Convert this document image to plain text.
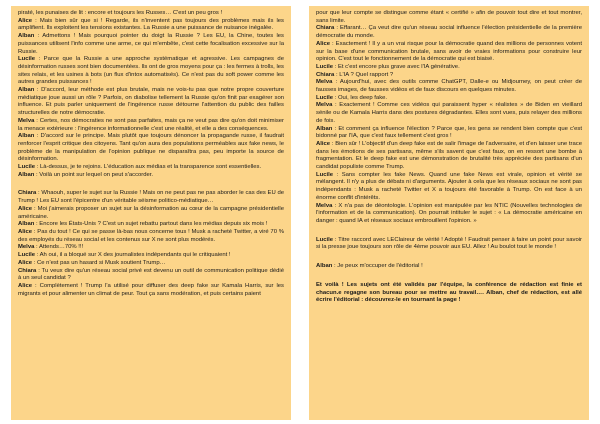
piraté, les punaises de lit : encore et toujours les Russes… C'est un peu gros !

Alice : Mais bien sûr que si ! Regarde, ils n'inventent pas toujours des problèmes mais ils les amplifient. Ils exploitent les tensions existantes. La Russie a une puissance de nuisance inégalée.

Alban : Admettons ! Mais pourquoi pointer du doigt la Russie ? Les EU, la Chine, toutes les puissances utilisent l'info comme une arme, ce qui m'embête, c'est cette focalisation excessive sur la Russie.

Lucile : Parce que la Russie a une approche systématique et agressive. Les campagnes de désinformation russes sont bien documentées. Ils ont de gros moyens pour ça : les fermes à trolls, les sites relais, et les usines à bots (un flux d'intox automatisés). Ce n'est pas du soft power comme les autres grandes puissances !

Alban : D'accord, leur méthode est plus brutale, mais ne vois-tu pas que notre propre couverture médiatique joue aussi un rôle ? Parfois, on diabolise tellement la Russie qu'on finit par exagérer son influence. Et puis parler uniquement de l'ingérence russe détourne l'attention du public des failles structurelles de notre démocratie.

Melva : Certes, nos démocraties ne sont pas parfaites, mais ça ne veut pas dire qu'on doit minimiser la menace extérieure : l'ingérence informationnelle c'est une réalité, et elle a des conséquences.

Alban : D'accord sur le principe. Mais plutôt que toujours dénoncer la propagande russe, il faudrait renforcer l'esprit critique des citoyens. Tant qu'on aura des populations perméables aux fake news, le problème de la manipulation de l'opinion publique ne disparaîtra pas, peu importe la source de désinformation.

Lucile : Là-dessus, je te rejoins. L'éducation aux médias et la transparence sont essentielles.

Alban : Voilà un point sur lequel on peut s'accorder.

Chiara : Whaouh, super le sujet sur la Russie ! Mais on ne peut pas ne pas aborder le cas des EU de Trump ! Les EU sont l'épicentre d'un véritable séisme politico-médiatique…

Alice : Moi j'aimerais proposer un sujet sur la désinformation au cœur de la campagne présidentielle américaine.

Alban : Encore les États-Unis ? C'est un sujet rebattu partout dans les médias depuis six mois !

Alice : Pas du tout ! Ce qui se passe là-bas nous concerne tous ! Musk a racheté Twitter, a viré 70 % des employés du réseau social et les contenus sur X ne sont plus modérés.

Melva : Attends…70% !!!

Lucile : Ah oui, il a bloqué sur X des journalistes indépendants qui le critiquaient !

Alice : Ce n'est pas un hasard si Musk soutient Trump…

Chiara : Tu veux dire qu'un réseau social privé est devenu un outil de communication politique dédié à un seul candidat ?

Alice : Complètement ! Trump l'a utilisé pour diffuser des deep fake sur Kamala Harris, sur les migrants et pour alimenter un climat de peur. Tout ça sans modération, et puis certains paient

pour que leur compte se distingue comme étant « certifié » afin de pouvoir tout dire et tout montrer, sans limite.

Chiara : Effarant… Ça veut dire qu'un réseau social influence l'élection présidentielle de la première démocratie du monde.

Alice : Exactement ! Il y a un vrai risque pour la démocratie quand des millions de personnes votent sur la base d'une communication brutale, sans avoir de vraies informations pour construire leur opinion. C'est tout le fonctionnement de la démocratie qui est biaisé.

Lucile : Et c'est encore plus grave avec l'IA générative.

Chiara : L'IA ? Quel rapport ?

Melva : Aujourd'hui, avec des outils comme ChatGPT, Dalle-e ou Midjourney, on peut créer de fausses images, de fausses vidéos et de faux discours en quelques minutes.

Lucile : Oui, les deep fake.

Melva : Exactement ! Comme ces vidéos qui paraissent hyper « réalistes » de Biden en vieillard sénile ou de Kamala Harris dans des postures dégradantes. Elles sont vues, puis relayer des millions de fois.

Alban : Et comment ça influence l'élection ? Parce que, les gens se rendent bien compte que c'est bidonné par l'IA, que c'est faux tellement c'est gros !

Alice : Bien sûr ! L'objectif d'un deep fake est de salir l'image de l'adversaire, et d'en laisser une trace dans les émotions de ses partisans, même s'ils savent que c'est faux, on en ressort une bombe à fragmentation. Et le deep fake est une démonstration de brutalité très appréciée des partisans d'un candidat populiste comme Trump.

Lucile : Sans compter les fake News. Quand une fake News est virale, opinion et vérité se mélangent. Il n'y a plus de débats ni d'arguments. Ajouter à cela que les réseaux sociaux ne sont pas indépendants : Musk a racheté Twitter et X a toujours été favorable à Trump. On est face à un énorme conflit d'intérêts.

Melva : X n'a pas de déontologie. L'opinion est manipulée par les NTIC (Nouvelles technologies de l'information et de la communication). On pourrait intituler le sujet : « La démocratie américaine en danger : quand IA et réseaux sociaux embrouillent l'opinion. »

Lucile : Titre raccord avec LEClaireur de vérité ! Adopté ! Faudrait penser à faire un point pour savoir si la presse joue toujours son rôle de 4ème pouvoir aux EU. Allez ! Au boulot tout le monde !

Alban : Je peux m'occuper de l'éditorial !

Et voilà ! Les sujets ont été validés par l'équipe, la conférence de rédaction est finie et chacun.e regagne son bureau pour se mettre au travail…. Alban, chef de rédaction, est allé écrire l'éditorial : découvrez-le en tournant la page !
